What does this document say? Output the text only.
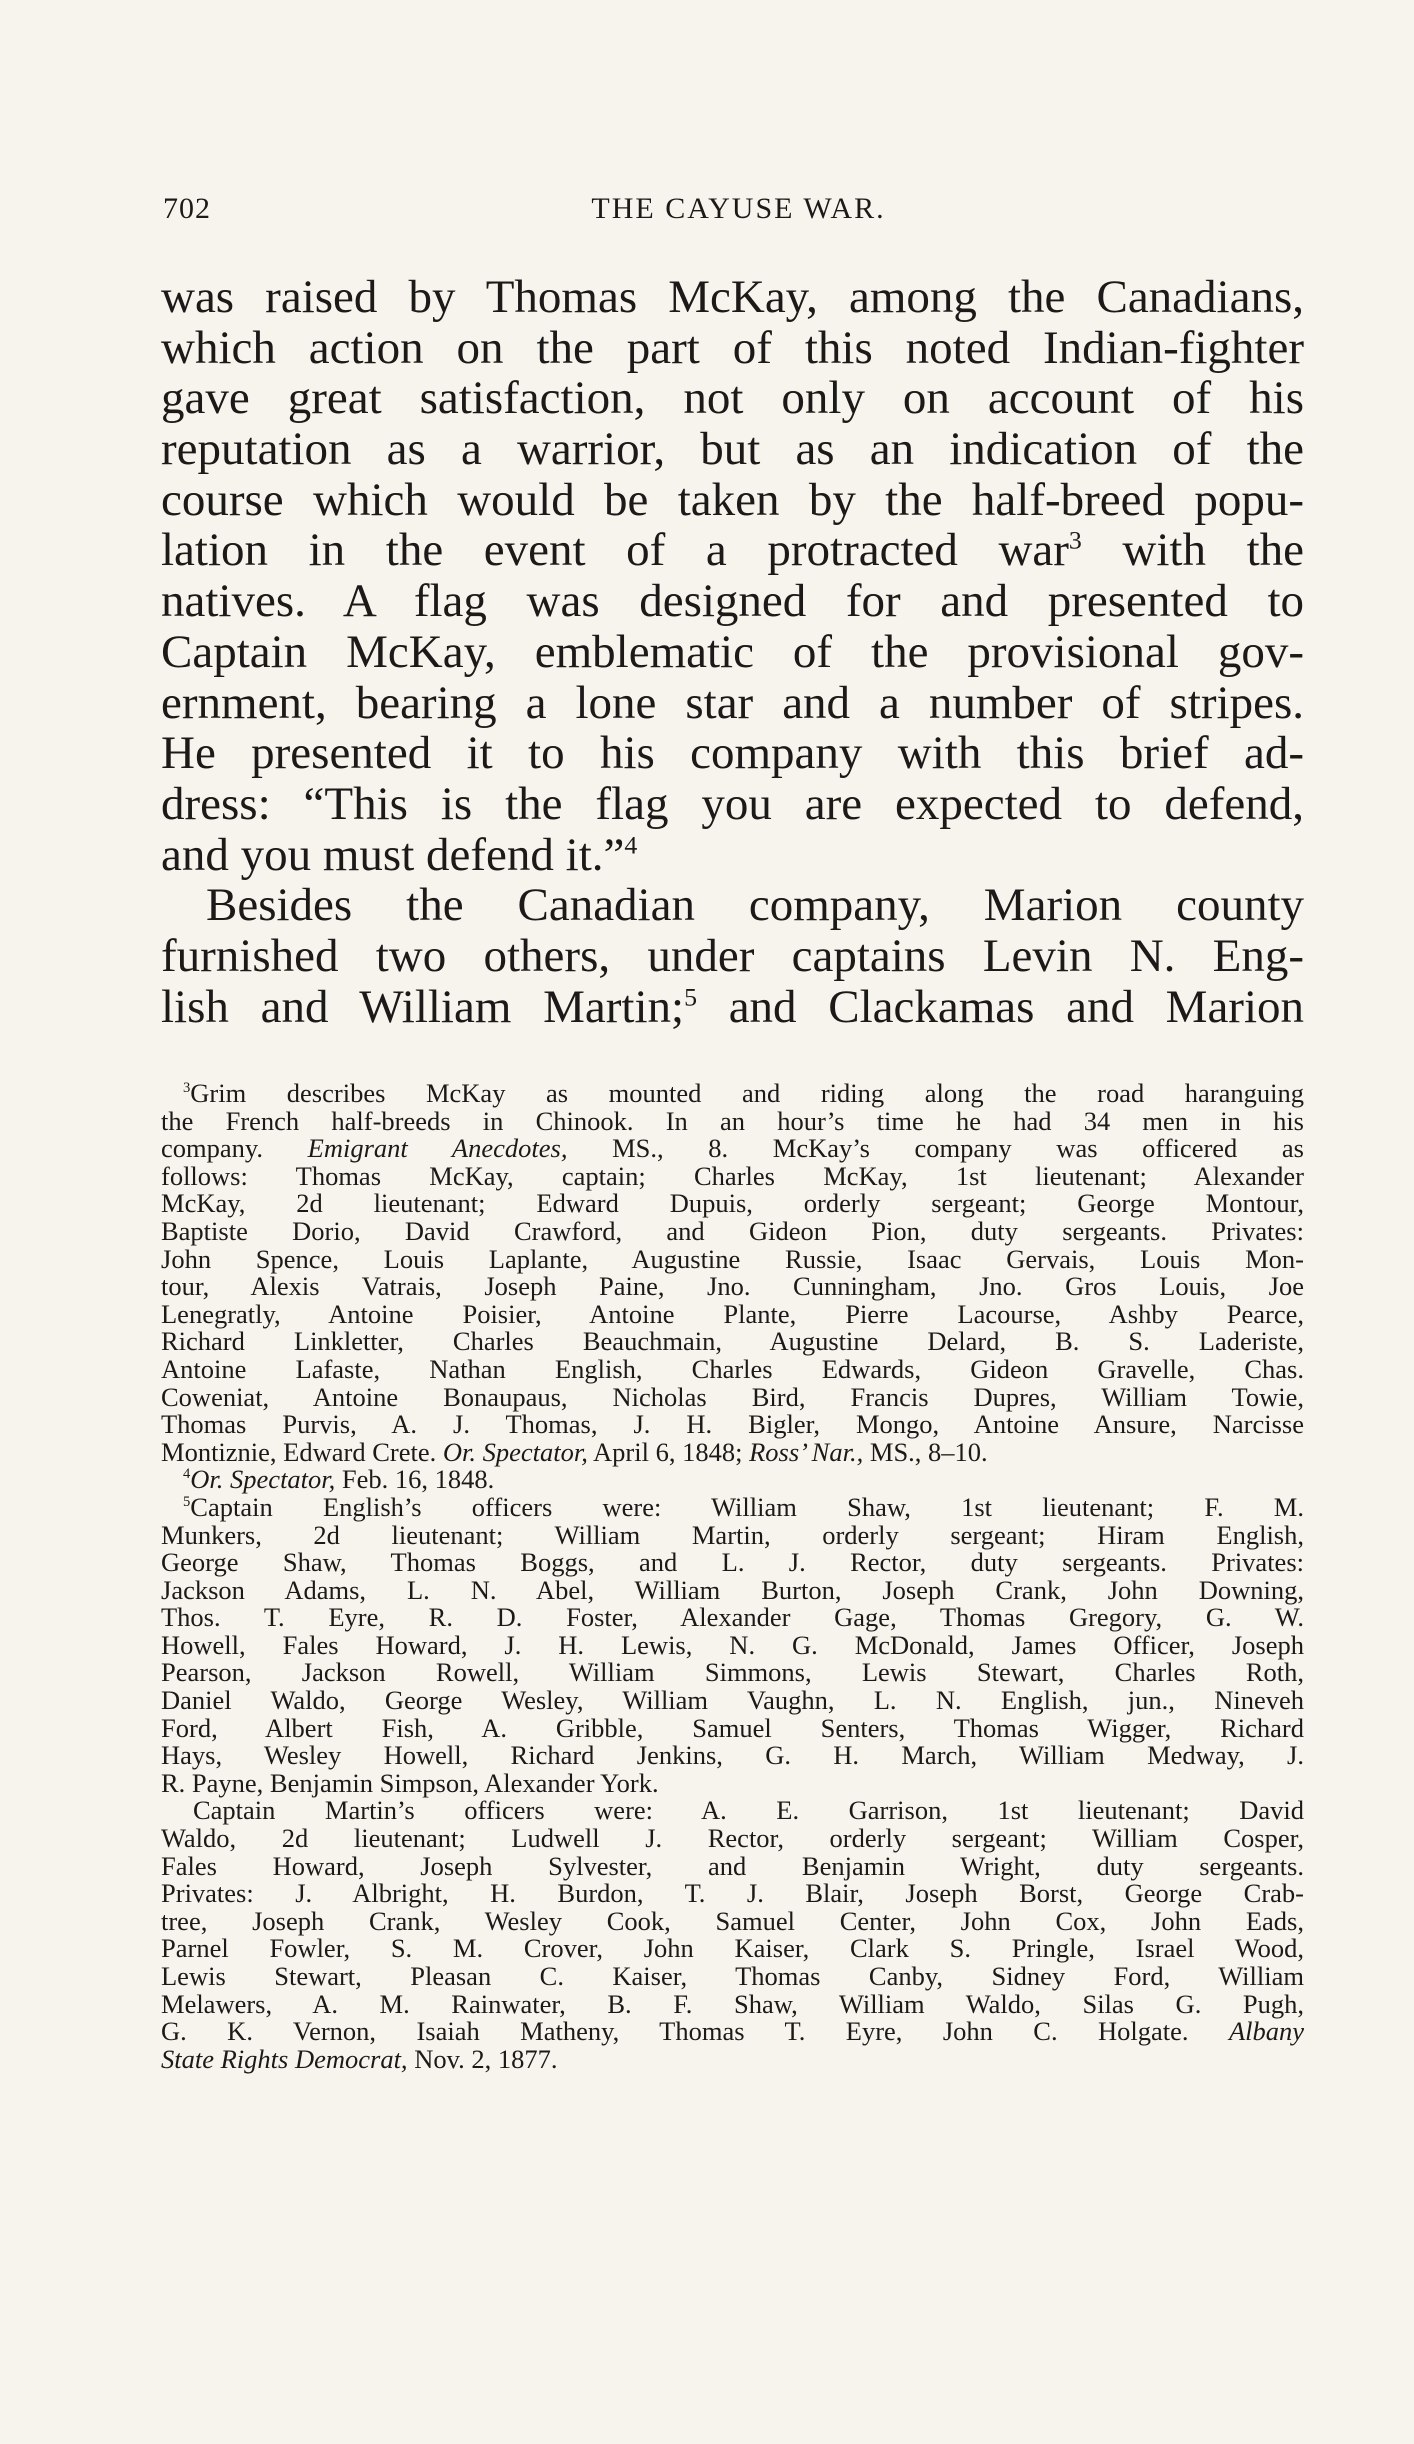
702	THE CAYUSE WAR.
was raised by Thomas McKay, among the Canadians,
which action on the part of this noted Indian-fighter
gave great satisfaction, not only on account of his
reputation as a warrior, but as an indication of the
course which would be taken by the half-breed popu-
lation in the event of a protracted war$^3$ with the
natives. A flag was designed for and presented to
Captain McKay, emblematic of the provisional gov-
ernment, bearing a lone star and a number of stripes.
He presented it to his company with this brief ad-
dress: “This is the flag you are expected to defend,
and you must defend it.”$^4$
Besides the Canadian company, Marion county
furnished two others, under captains Levin N. Eng-
lish and William Martin;$^5$ and Clackamas and Marion
$^3$Grim describes McKay as mounted and riding along the road haranguing
the French half-breeds in Chinook. In an hour’s time he had 34 men in his
company. Emigrant Anecdotes, MS., 8. McKay’s company was officered as
follows: Thomas McKay, captain; Charles McKay, 1st lieutenant; Alexander
McKay, 2d lieutenant; Edward Dupuis, orderly sergeant; George Montour,
Baptiste Dorio, David Crawford, and Gideon Pion, duty sergeants. Privates:
John Spence, Louis Laplante, Augustine Russie, Isaac Gervais, Louis Mon-
tour, Alexis Vatrais, Joseph Paine, Jno. Cunningham, Jno. Gros Louis, Joe
Lenegratly, Antoine Poisier, Antoine Plante, Pierre Lacourse, Ashby Pearce,
Richard Linkletter, Charles Beauchmain, Augustine Delard, B. S. Laderiste,
Antoine Lafaste, Nathan English, Charles Edwards, Gideon Gravelle, Chas.
Coweniat, Antoine Bonaupaus, Nicholas Bird, Francis Dupres, William Towie,
Thomas Purvis, A. J. Thomas, J. H. Bigler, Mongo, Antoine Ansure, Narcisse
Montiznie, Edward Crete. Or. Spectator, April 6, 1848; Ross’ Nar., MS., 8–10.
$^4$Or. Spectator, Feb. 16, 1848.
$^5$Captain English’s officers were: William Shaw, 1st lieutenant; F. M.
Munkers, 2d lieutenant; William Martin, orderly sergeant; Hiram English,
George Shaw, Thomas Boggs, and L. J. Rector, duty sergeants. Privates:
Jackson Adams, L. N. Abel, William Burton, Joseph Crank, John Downing,
Thos. T. Eyre, R. D. Foster, Alexander Gage, Thomas Gregory, G. W.
Howell, Fales Howard, J. H. Lewis, N. G. McDonald, James Officer, Joseph
Pearson, Jackson Rowell, William Simmons, Lewis Stewart, Charles Roth,
Daniel Waldo, George Wesley, William Vaughn, L. N. English, jun., Nineveh
Ford, Albert Fish, A. Gribble, Samuel Senters, Thomas Wigger, Richard
Hays, Wesley Howell, Richard Jenkins, G. H. March, William Medway, J.
R. Payne, Benjamin Simpson, Alexander York.
Captain Martin’s officers were: A. E. Garrison, 1st lieutenant; David
Waldo, 2d lieutenant; Ludwell J. Rector, orderly sergeant; William Cosper,
Fales Howard, Joseph Sylvester, and Benjamin Wright, duty sergeants.
Privates: J. Albright, H. Burdon, T. J. Blair, Joseph Borst, George Crab-
tree, Joseph Crank, Wesley Cook, Samuel Center, John Cox, John Eads,
Parnel Fowler, S. M. Crover, John Kaiser, Clark S. Pringle, Israel Wood,
Lewis Stewart, Pleasan C. Kaiser, Thomas Canby, Sidney Ford, William
Melawers, A. M. Rainwater, B. F. Shaw, William Waldo, Silas G. Pugh,
G. K. Vernon, Isaiah Matheny, Thomas T. Eyre, John C. Holgate. Albany
State Rights Democrat, Nov. 2, 1877.
